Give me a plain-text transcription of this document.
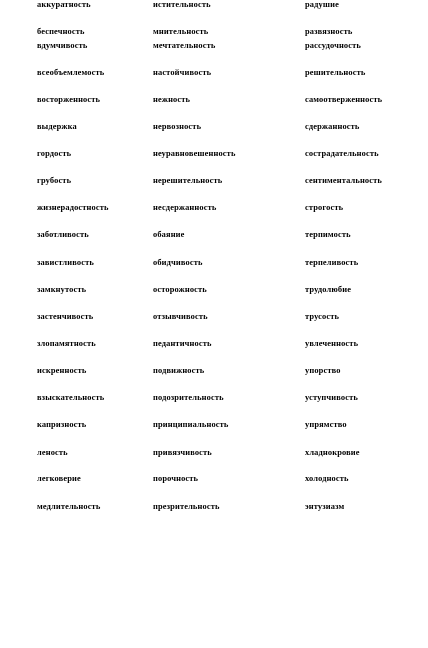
аккуратность	истительность	радушие
беспечность	мнительность	развязность
вдумчивость	мечтательность	рассудочность
всеобъемлемость	настойчивость	решительность
восторженность	нежность	самоотверженность
выдержка	нервозность	сдержанность
гордость	неуравновешенность	сострадательность
грубость	нерешительность	сентиментальность
жизнерадостность	несдержанность	строгость
заботливость	обаяние	терпимость
завистливость	обидчивость	терпеливость
замкнутость	осторожность	трудолюбие
застенчивость	отзывчивость	трусость
злопамятность	педантичность	увлеченность
искренность	подвижность	упорство
взыскательность	подозрительность	уступчивость
капризность	принципиальность	упрямство
леность	привязчивость	хладнокровие
легковерие	порочность	холодность
медлительность	презрительность	энтузиазм
